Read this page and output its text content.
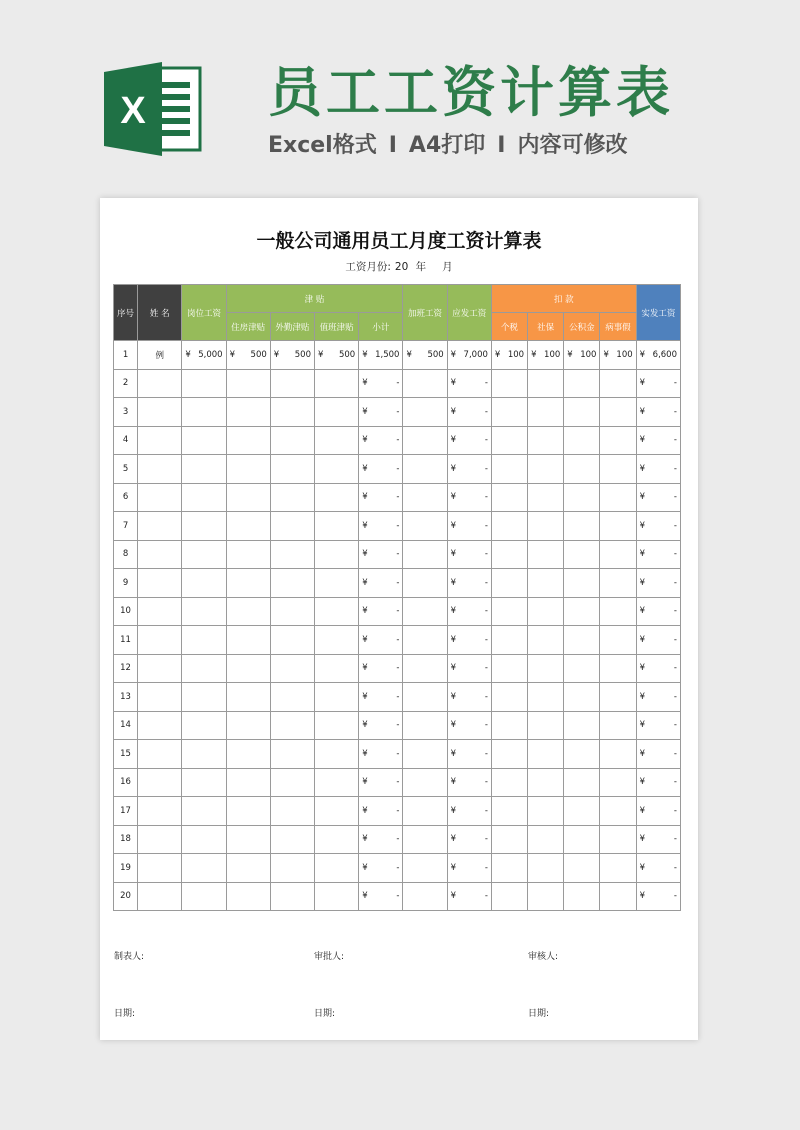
X 员工工资计算表
Excel格式 I A4打印 I 内容可修改
一般公司通用员工月度工资计算表
工资月份: 20 年 月
序号	姓 名	岗位工资	津 贴				加班工资	应发工资	扣 款				实发工资
			住房津贴	外勤津贴	值班津贴	小计			个税	社保	公积金	病事假	
1	例	¥ 5,000	¥ 500	¥ 500	¥ 500	¥ 1,500	¥ 500	¥ 7,000	¥ 100	¥ 100	¥ 100	¥ 100	¥ 6,600

2						¥ -		¥ -					¥ -

3						¥ -		¥ -					¥ -

4						¥ -		¥ -					¥ -

5						¥ -		¥ -					¥ -

6						¥ -		¥ -					¥ -

7						¥ -		¥ -					¥ -

8						¥ -		¥ -					¥ -

9						¥ -		¥ -					¥ -

10						¥ -		¥ -					¥ -

11						¥ -		¥ -					¥ -

12						¥ -		¥ -					¥ -

13						¥ -		¥ -					¥ -

14						¥ -		¥ -					¥ -

15						¥ -		¥ -					¥ -

16						¥ -		¥ -					¥ -

17						¥ -		¥ -					¥ -

18						¥ -		¥ -					¥ -

19						¥ -		¥ -					¥ -

20						¥ -		¥ -					¥ -
制表人:	审批人:	审核人:
日期:	日期:	日期:
